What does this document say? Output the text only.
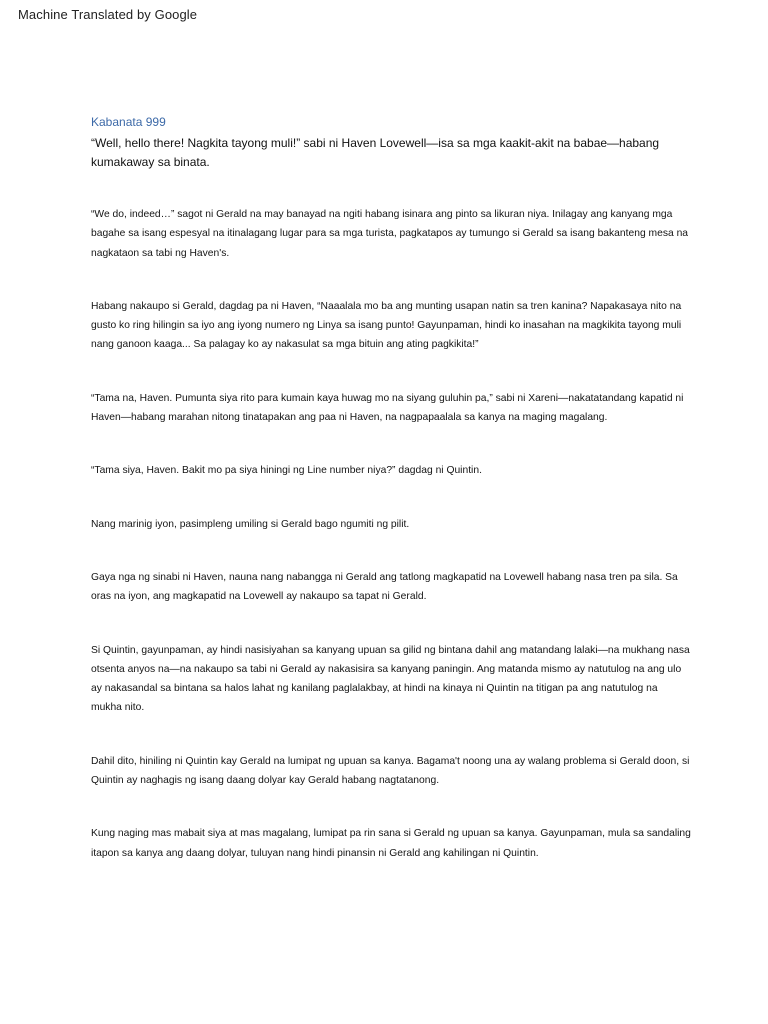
Machine Translated by Google
Kabanata 999
“Well, hello there! Nagkita tayong muli!” sabi ni Haven Lovewell—isa sa mga kaakit-akit na babae—habang kumakaway sa binata.

“We do, indeed…” sagot ni Gerald na may banayad na ngiti habang isinara ang pinto sa likuran niya. Inilagay ang kanyang mga bagahe sa isang espesyal na itinalagang lugar para sa mga turista, pagkatapos ay tumungo si Gerald sa isang bakanteng mesa na nagkataon sa tabi ng Haven's.

Habang nakaupo si Gerald, dagdag pa ni Haven, “Naaalala mo ba ang munting usapan natin sa tren kanina? Napakasaya nito na gusto ko ring hilingin sa iyo ang iyong numero ng Linya sa isang punto! Gayunpaman, hindi ko inasahan na magkikita tayong muli nang ganoon kaaga... Sa palagay ko ay nakasulat sa mga bituin ang ating pagkikita!”

“Tama na, Haven. Pumunta siya rito para kumain kaya huwag mo na siyang guluhin pa,” sabi ni Xareni—nakatatandang kapatid ni Haven—habang marahan nitong tinatapakan ang paa ni Haven, na nagpapaalala sa kanya na maging magalang.

“Tama siya, Haven. Bakit mo pa siya hiningi ng Line number niya?” dagdag ni Quintin.

Nang marinig iyon, pasimpleng umiling si Gerald bago ngumiti ng pilit.

Gaya nga ng sinabi ni Haven, nauna nang nabangga ni Gerald ang tatlong magkapatid na Lovewell habang nasa tren pa sila. Sa oras na iyon, ang magkapatid na Lovewell ay nakaupo sa tapat ni Gerald.

Si Quintin, gayunpaman, ay hindi nasisiyahan sa kanyang upuan sa gilid ng bintana dahil ang matandang lalaki—na mukhang nasa otsenta anyos na—na nakaupo sa tabi ni Gerald ay nakasisira sa kanyang paningin. Ang matanda mismo ay natutulog na ang ulo ay nakasandal sa bintana sa halos lahat ng kanilang paglalakbay, at hindi na kinaya ni Quintin na titigan pa ang natutulog na mukha nito.

Dahil dito, hiniling ni Quintin kay Gerald na lumipat ng upuan sa kanya. Bagama't noong una ay walang problema si Gerald doon, si Quintin ay naghagis ng isang daang dolyar kay Gerald habang nagtatanong.

Kung naging mas mabait siya at mas magalang, lumipat pa rin sana si Gerald ng upuan sa kanya. Gayunpaman, mula sa sandaling itapon sa kanya ang daang dolyar, tuluyan nang hindi pinansin ni Gerald ang kahilingan ni Quintin.
